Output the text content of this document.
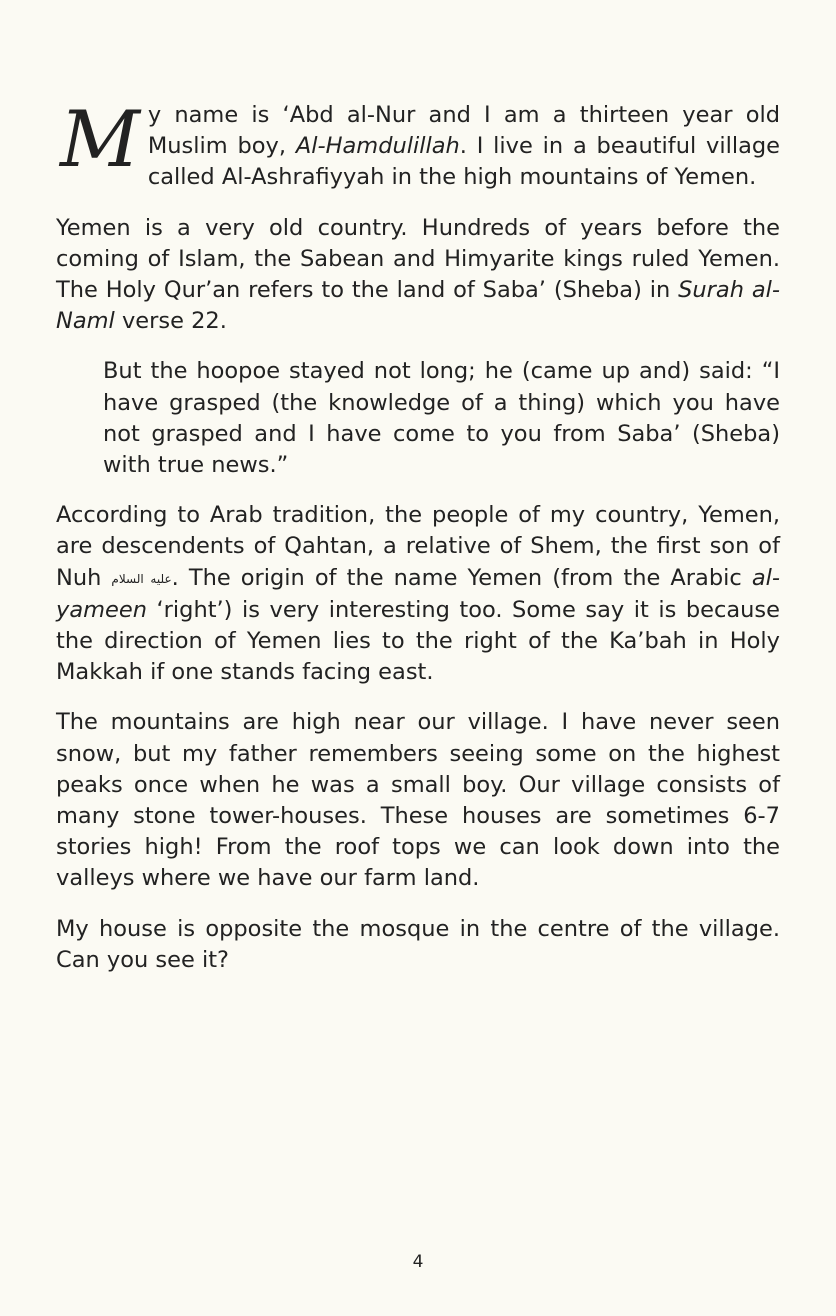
My name is ‘Abd al-Nur and I am a thirteen year old Muslim boy, Al-Hamdulillah. I live in a beautiful village called Al-Ashrafiyyah in the high mountains of Yemen.

Yemen is a very old country. Hundreds of years before the coming of Islam, the Sabean and Himyarite kings ruled Yemen. The Holy Qur’an refers to the land of Saba’ (Sheba) in Surah al-Naml verse 22.

But the hoopoe stayed not long; he (came up and) said: “I have grasped (the knowledge of a thing) which you have not grasped and I have come to you from Saba’ (Sheba) with true news.”

According to Arab tradition, the people of my country, Yemen, are descendents of Qahtan, a relative of Shem, the first son of Nuh عليه السلام. The origin of the name Yemen (from the Arabic al-yameen ‘right’) is very interesting too. Some say it is because the direction of Yemen lies to the right of the Ka’bah in Holy Makkah if one stands facing east.

The mountains are high near our village. I have never seen snow, but my father remembers seeing some on the highest peaks once when he was a small boy. Our village consists of many stone tower-houses. These houses are sometimes 6-7 stories high! From the roof tops we can look down into the valleys where we have our farm land.

My house is opposite the mosque in the centre of the village. Can you see it?

4
